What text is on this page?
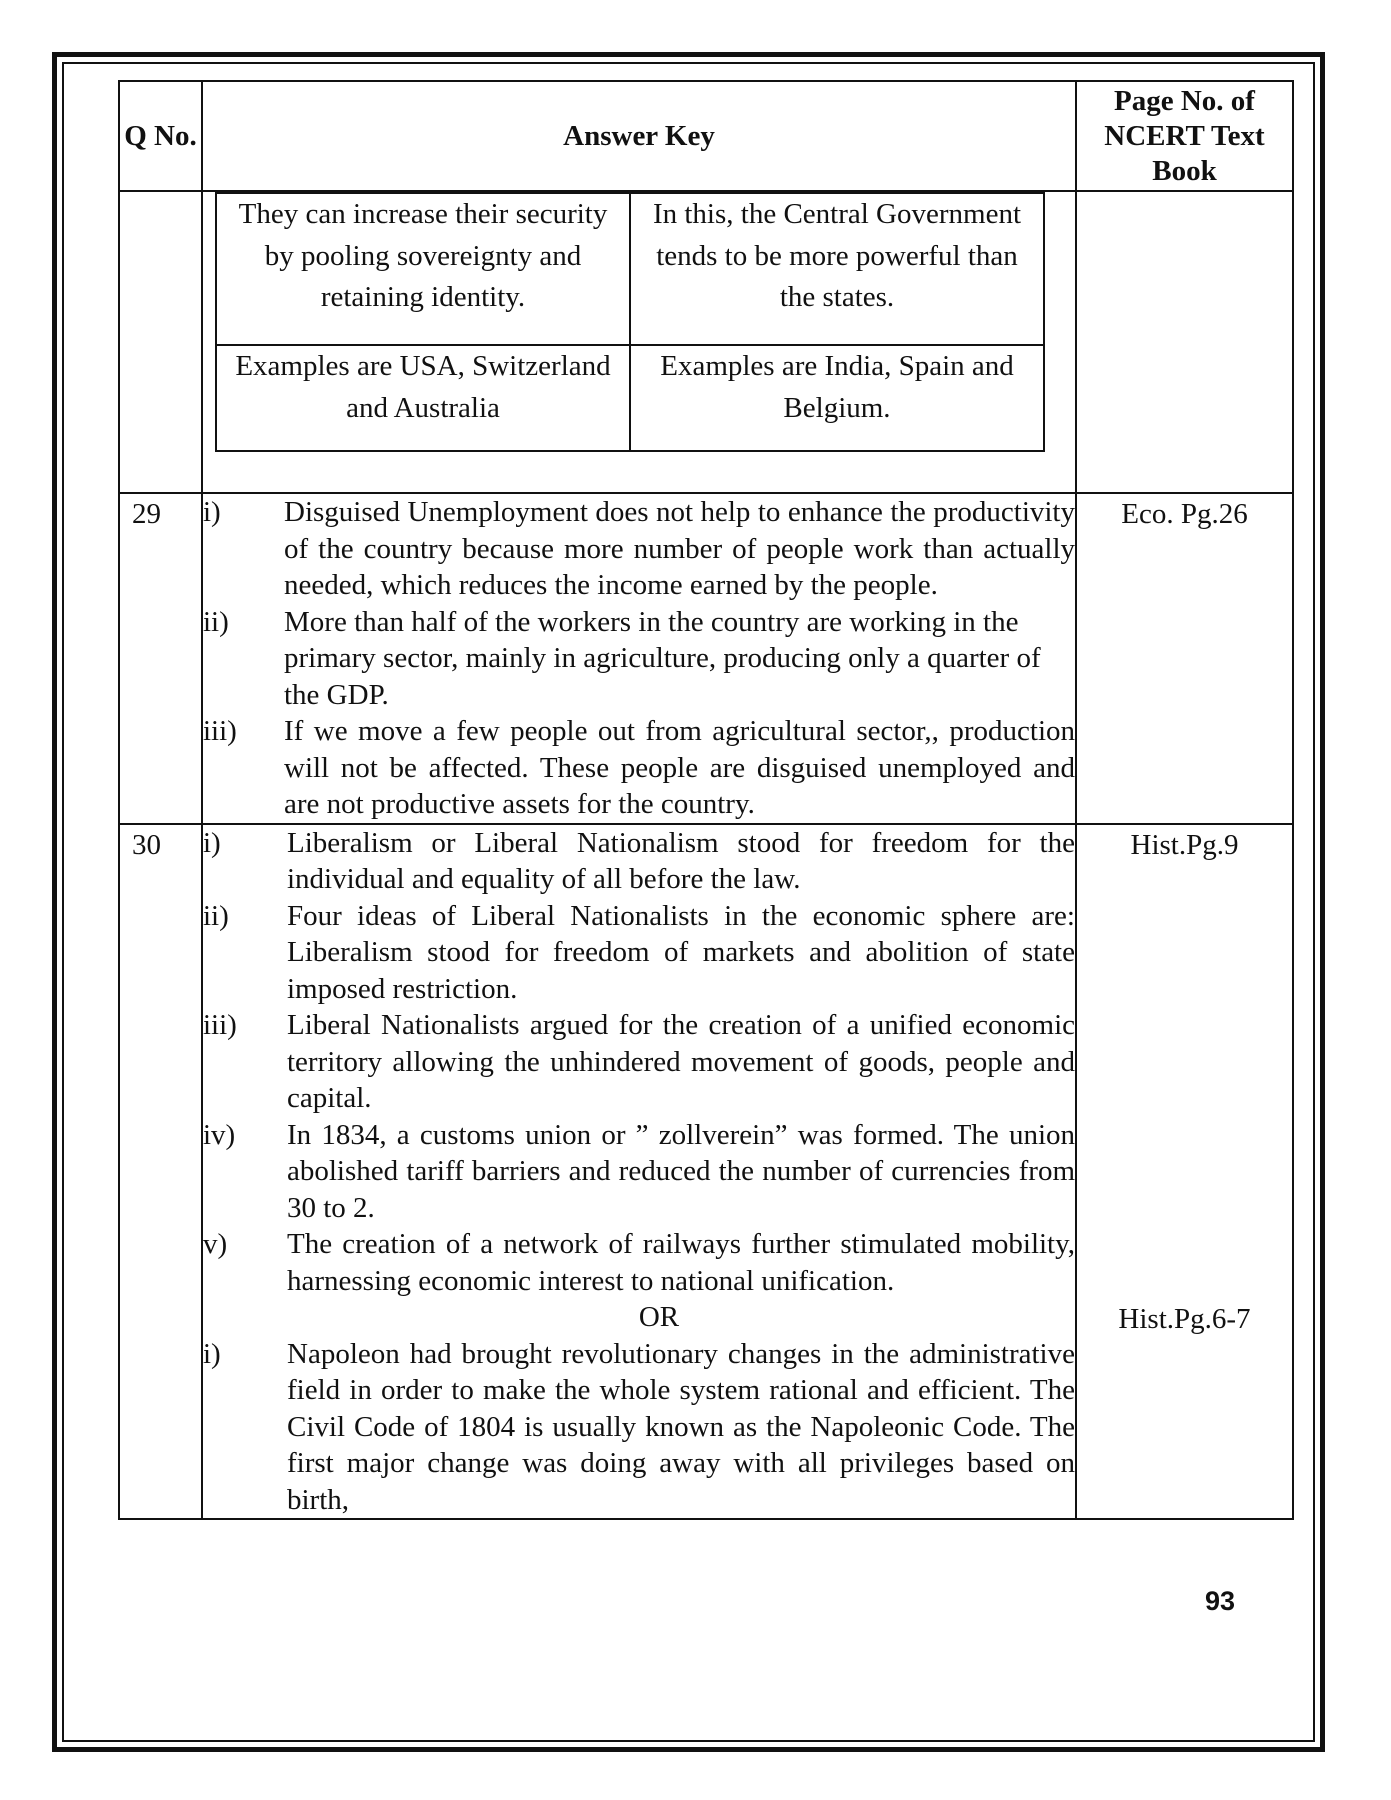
Q No.	Answer Key	Page No. of NCERT Text Book

They can increase their security by pooling sovereignty and retaining identity.	In this, the Central Government tends to be more powerful than the states.
Examples are USA, Switzerland and Australia	Examples are India, Spain and Belgium.

29	i)	Disguised Unemployment does not help to enhance the productivity of the country because more number of people work than actually needed, which reduces the income earned by the people.
ii)	More than half of the workers in the country are working in the primary sector, mainly in agriculture, producing only a quarter of the GDP.
iii)	If we move a few people out from agricultural sector,, production will not be affected. These people are disguised unemployed and are not productive assets for the country.
	Eco. Pg.26
30	i)	Liberalism or Liberal Nationalism stood for freedom for the individual and equality of all before the law.
ii)	Four ideas of Liberal Nationalists in the economic sphere are: Liberalism stood for freedom of markets and abolition of state imposed restriction.
iii)	Liberal Nationalists argued for the creation of a unified economic territory allowing the unhindered movement of goods, people and capital.
iv)	In 1834, a customs union or ” zollverein” was formed. The union abolished tariff barriers and reduced the number of currencies from 30 to 2.
v)	The creation of a network of railways further stimulated mobility, harnessing economic interest to national unification.
OR
i)	Napoleon had brought revolutionary changes in the administrative field in order to make the whole system rational and efficient. The Civil Code of 1804 is usually known as the Napoleonic Code. The first major change was doing away with all privileges based on birth,

Hist.Pg.9
Hist.Pg.6-7
93
